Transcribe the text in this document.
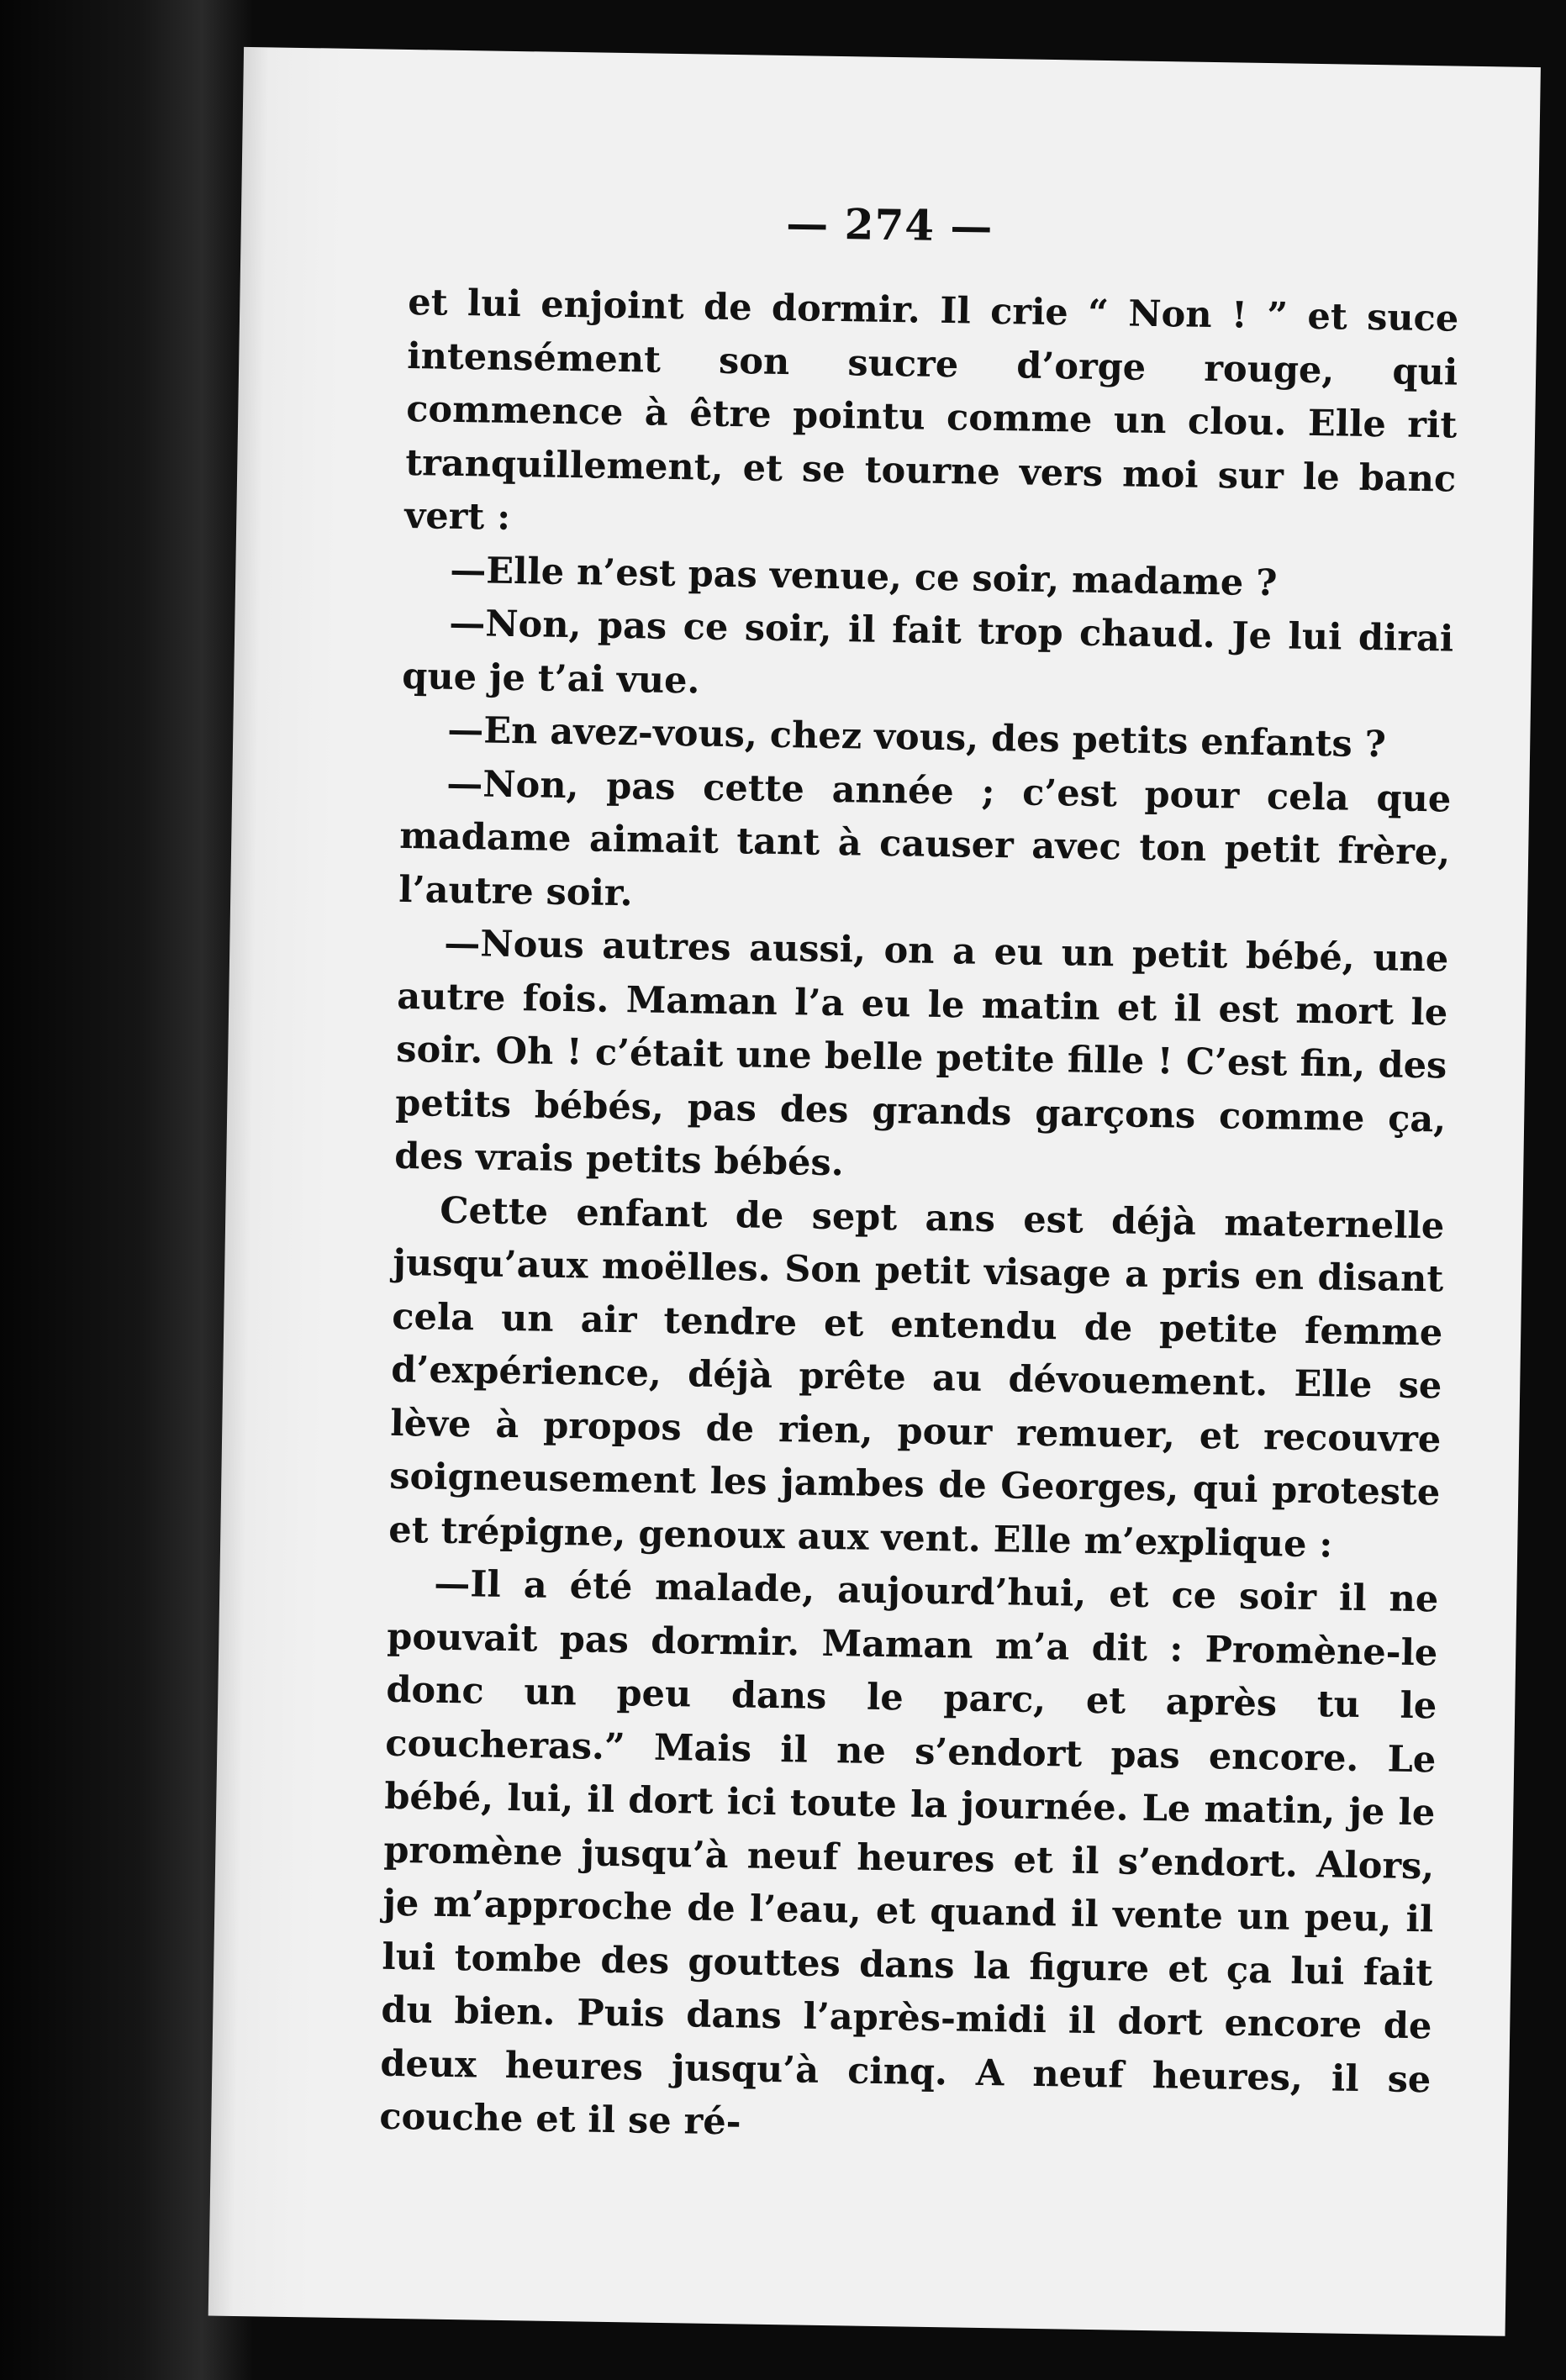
— 274 —

et lui enjoint de dormir. Il crie “ Non ! ” et suce intensément son sucre d’orge rouge, qui commence à être pointu comme un clou. Elle rit tranquillement, et se tourne vers moi sur le banc vert :

—Elle n’est pas venue, ce soir, madame ?

—Non, pas ce soir, il fait trop chaud. Je lui dirai que je t’ai vue.

—En avez-vous, chez vous, des petits enfants ?

—Non, pas cette année ; c’est pour cela que madame aimait tant à causer avec ton petit frère, l’autre soir.

—Nous autres aussi, on a eu un petit bébé, une autre fois. Maman l’a eu le matin et il est mort le soir. Oh ! c’était une belle petite fille ! C’est fin, des petits bébés, pas des grands garçons comme ça, des vrais petits bébés.

Cette enfant de sept ans est déjà maternelle jusqu’aux moëlles. Son petit visage a pris en disant cela un air tendre et entendu de petite femme d’expérience, déjà prête au dévouement. Elle se lève à propos de rien, pour remuer, et recouvre soigneusement les jambes de Georges, qui proteste et trépigne, genoux aux vent. Elle m’explique :

—Il a été malade, aujourd’hui, et ce soir il ne pouvait pas dormir. Maman m’a dit : Promène-le donc un peu dans le parc, et après tu le coucheras.” Mais il ne s’endort pas encore. Le bébé, lui, il dort ici toute la journée. Le matin, je le promène jusqu’à neuf heures et il s’endort. Alors, je m’approche de l’eau, et quand il vente un peu, il lui tombe des gouttes dans la figure et ça lui fait du bien. Puis dans l’après-midi il dort encore de deux heures jusqu’à cinq. A neuf heures, il se couche et il se ré-
